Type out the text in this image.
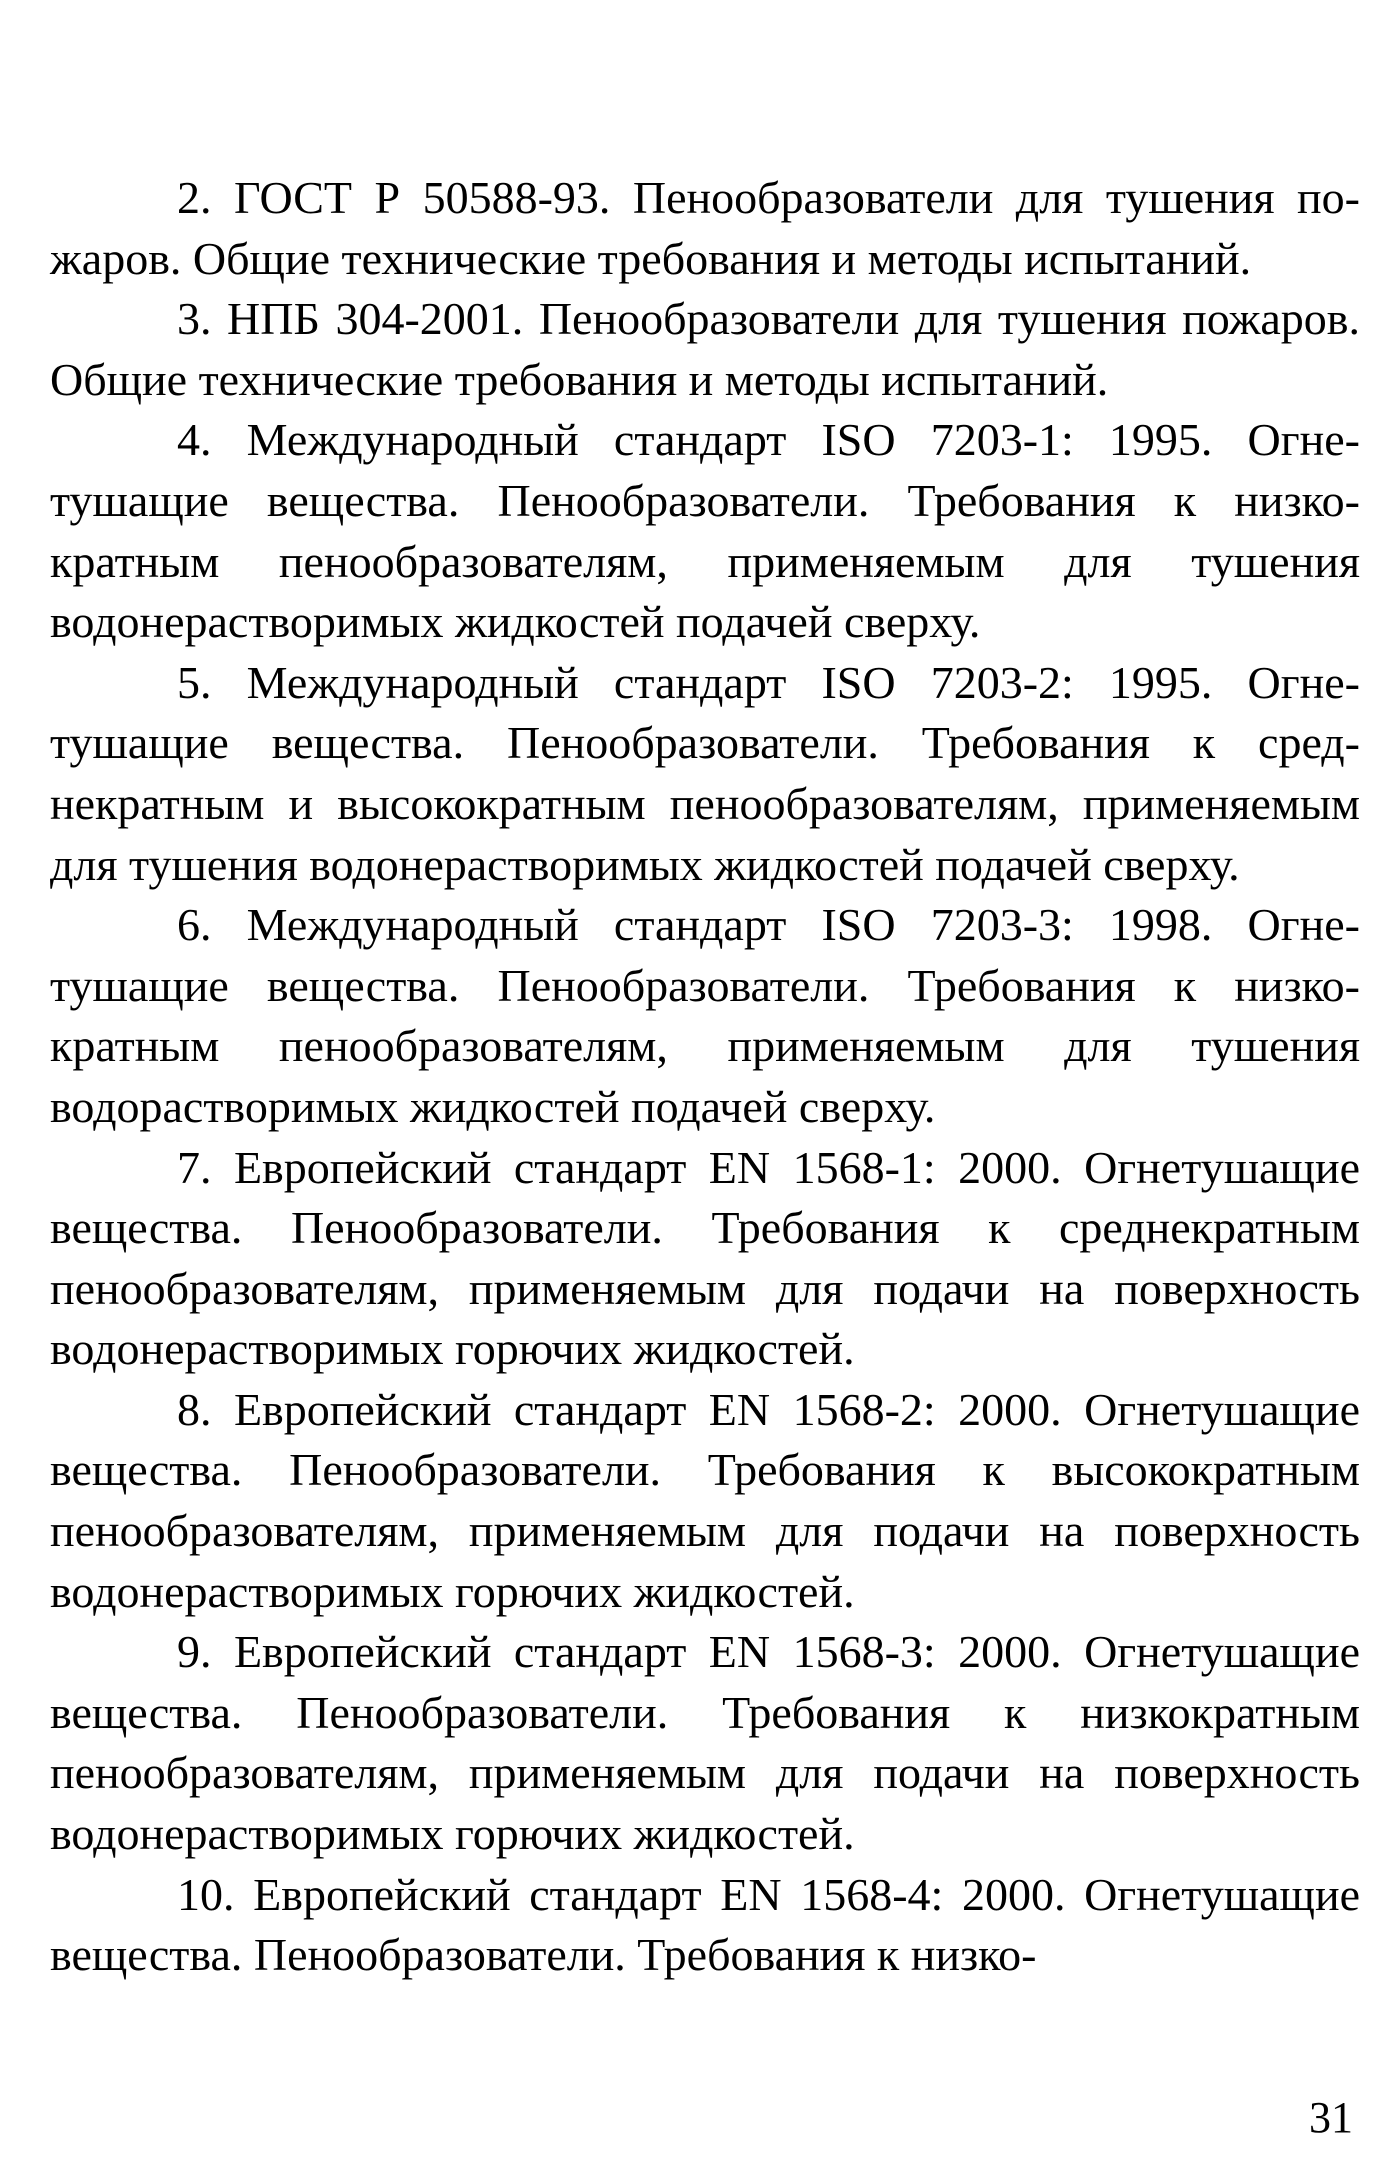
2. ГОСТ Р 50588-93. Пенообразователи для тушения пожаров. Общие технические требования и методы испытаний.

3. НПБ 304-2001. Пенообразователи для тушения пожаров. Общие технические требования и методы испытаний.

4. Международный стандарт ISO 7203-1: 1995. Огнетушащие вещества. Пенообразователи. Требования к низкократным пенообразователям, применяемым для тушения водонерастворимых жидкостей подачей сверху.

5. Международный стандарт ISO 7203-2: 1995. Огнетушащие вещества. Пенообразователи. Требования к среднекратным и высокократным пенообразователям, применяемым для тушения водонерастворимых жидкостей подачей сверху.

6. Международный стандарт ISO 7203-3: 1998. Огнетушащие вещества. Пенообразователи. Требования к низкократным пенообразователям, применяемым для тушения водорастворимых жидкостей подачей сверху.

7. Европейский стандарт EN 1568-1: 2000. Огнетушащие вещества. Пенообразователи. Требования к среднекратным пенообразователям, применяемым для подачи на поверхность водонерастворимых горючих жидкостей.

8. Европейский стандарт EN 1568-2: 2000. Огнетушащие вещества. Пенообразователи. Требования к высокократным пенообразователям, применяемым для подачи на поверхность водонерастворимых горючих жидкостей.

9. Европейский стандарт EN 1568-3: 2000. Огнетушащие вещества. Пенообразователи. Требования к низкократным пенообразователям, применяемым для подачи на поверхность водонерастворимых горючих жидкостей.

10. Европейский стандарт EN 1568-4: 2000. Огнетушащие вещества. Пенообразователи. Требования к низко-

31
